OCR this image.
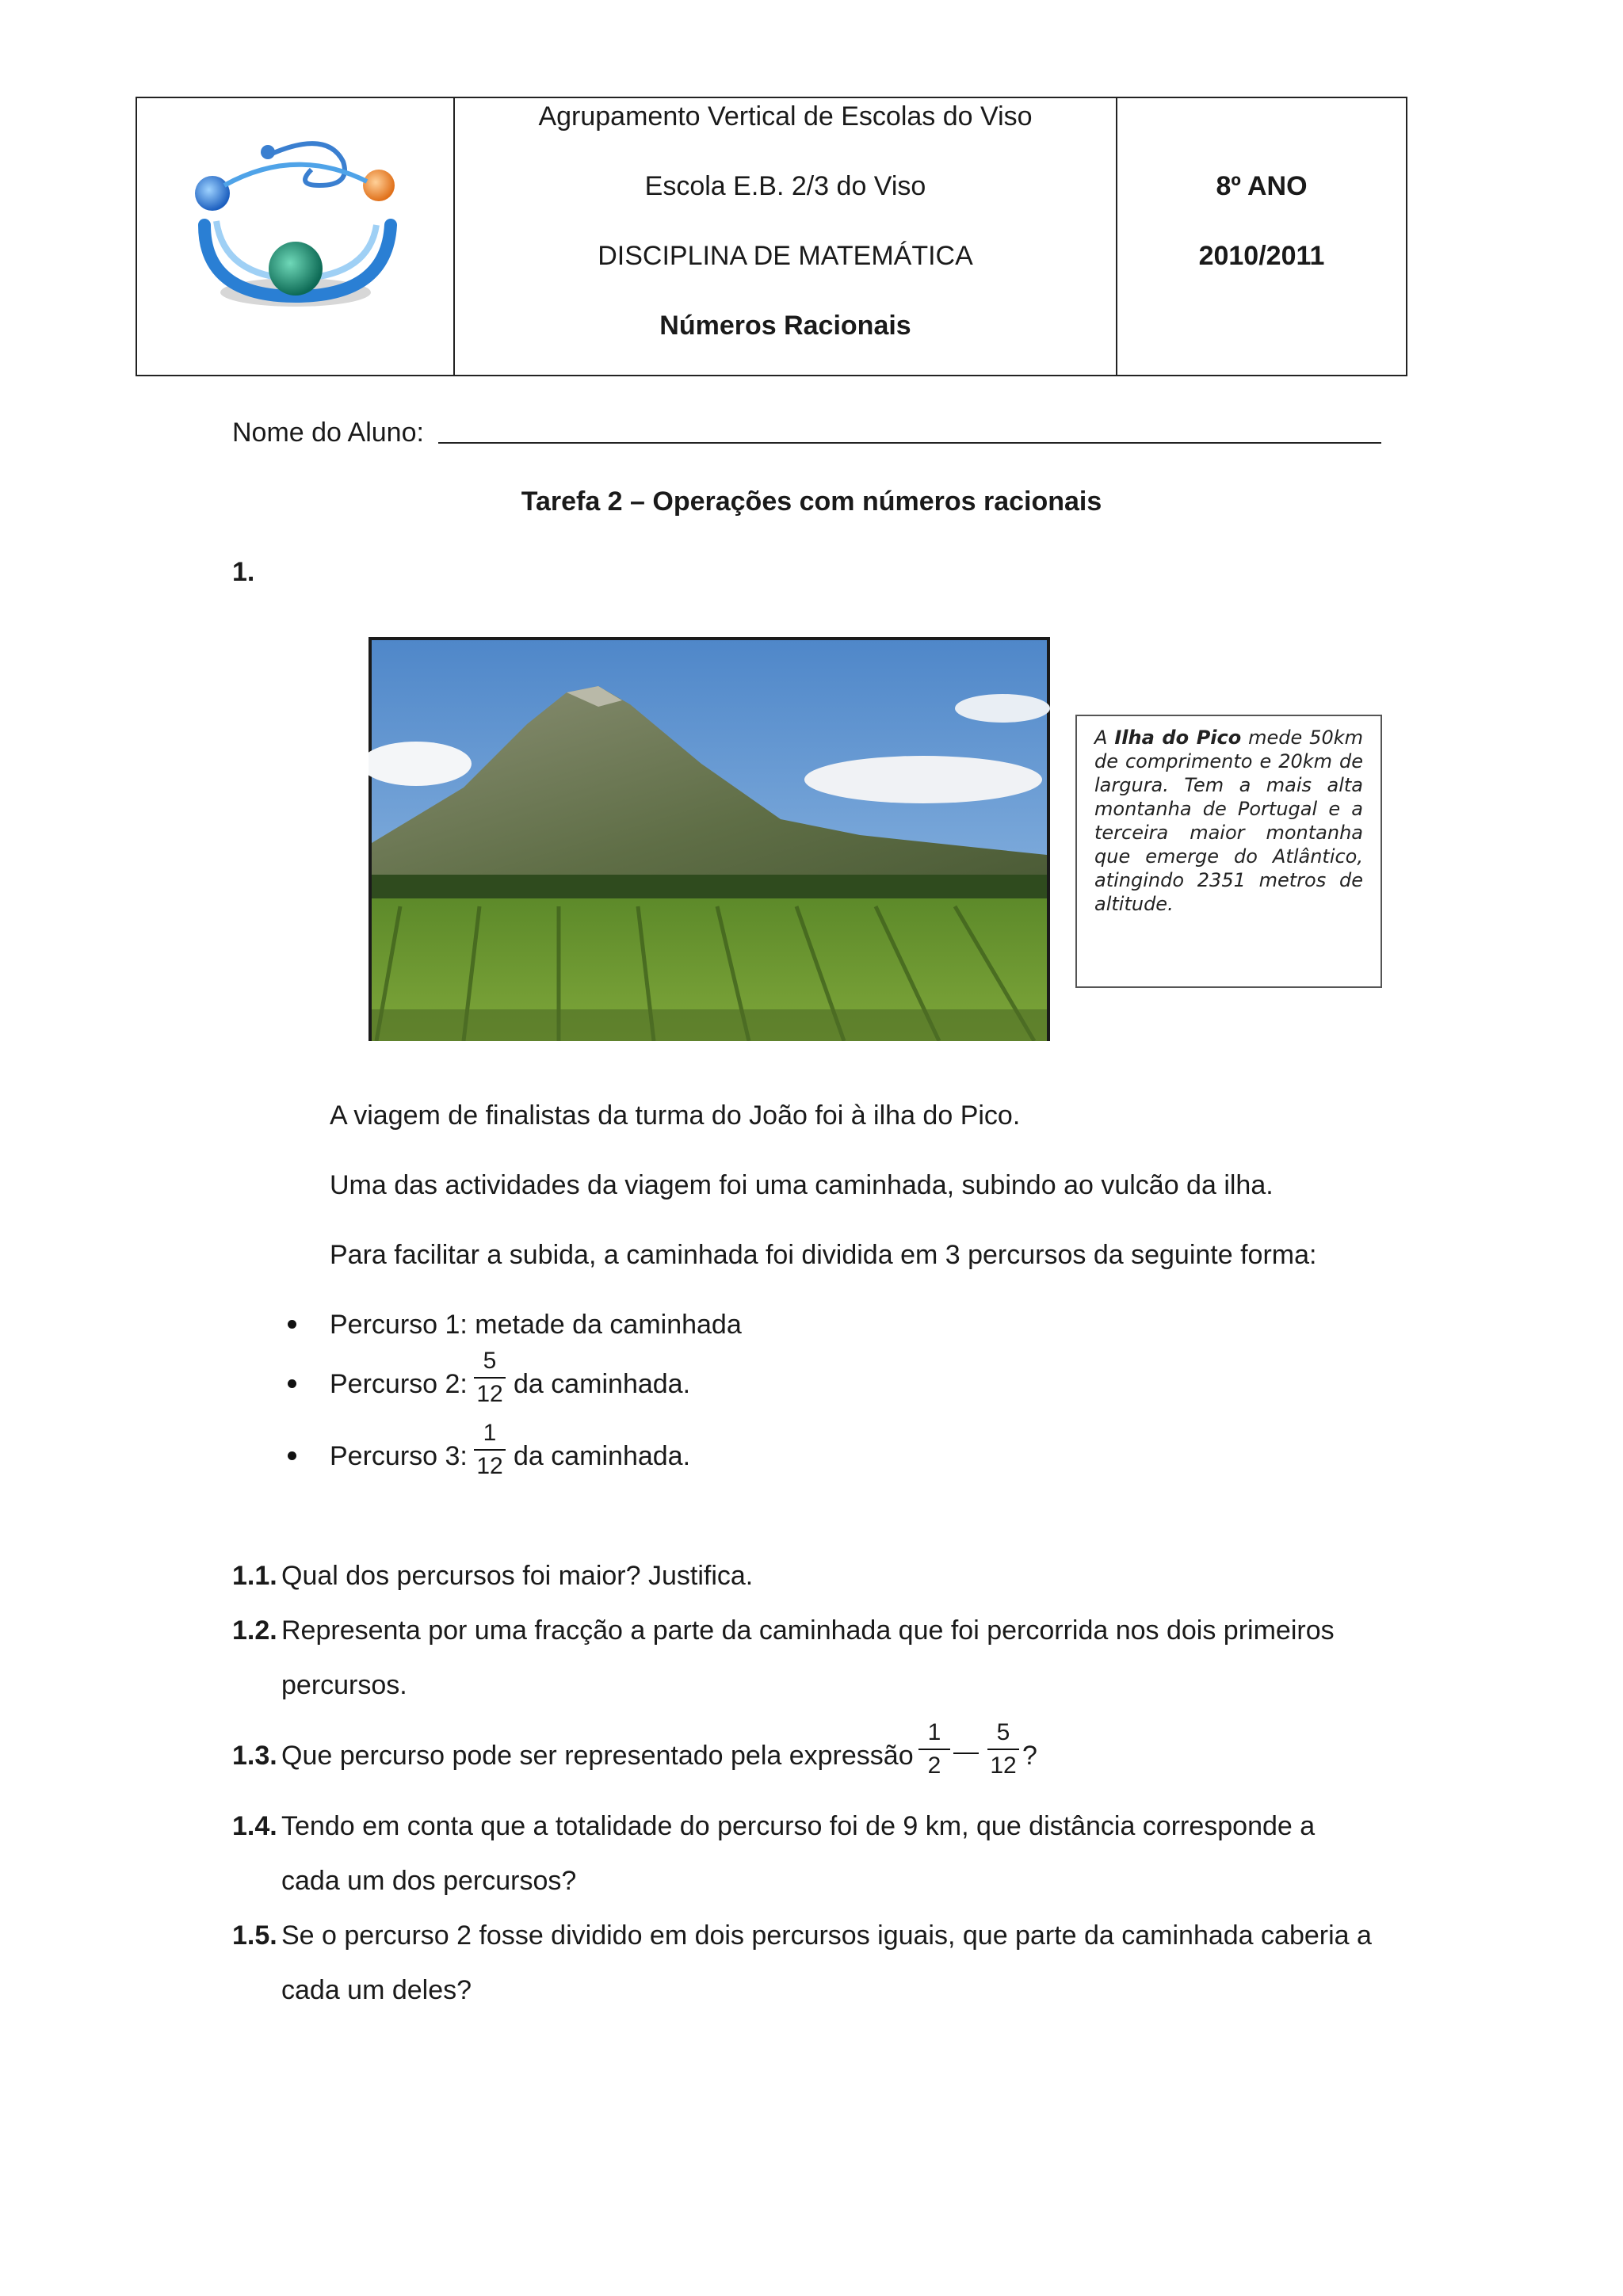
Agrupamento Vertical de Escolas do Viso
Escola E.B. 2/3 do Viso
DISCIPLINA DE MATEMÁTICA
Números Racionais
8º ANO
2010/2011
Nome do Aluno:
Tarefa 2 – Operações com números racionais
1.
A Ilha do Pico mede 50km de comprimento e 20km de largura. Tem a mais alta montanha de Portugal e a terceira maior montanha que emerge do Atlântico, atingindo 2351 metros de altitude.
A viagem de finalistas da turma do João foi à ilha do Pico.
Uma das actividades da viagem foi uma caminhada, subindo ao vulcão da ilha.
Para facilitar a subida, a caminhada foi dividida em 3 percursos da seguinte forma:
Percurso 1: metade da caminhada
Percurso 2:
5
12 da caminhada.
Percurso 3:
1
12 da caminhada.
1.1. Qual dos percursos foi maior? Justifica.
1.2. Representa por uma fracção a parte da caminhada que foi percorrida nos dois primeiros
percursos.
1.3. Que percurso pode ser representado pela expressão
1
2
5
12 ?
1.4. Tendo em conta que a totalidade do percurso foi de 9 km, que distância corresponde a
cada um dos percursos?
1.5. Se o percurso 2 fosse dividido em dois percursos iguais, que parte da caminhada caberia a
cada um deles?
